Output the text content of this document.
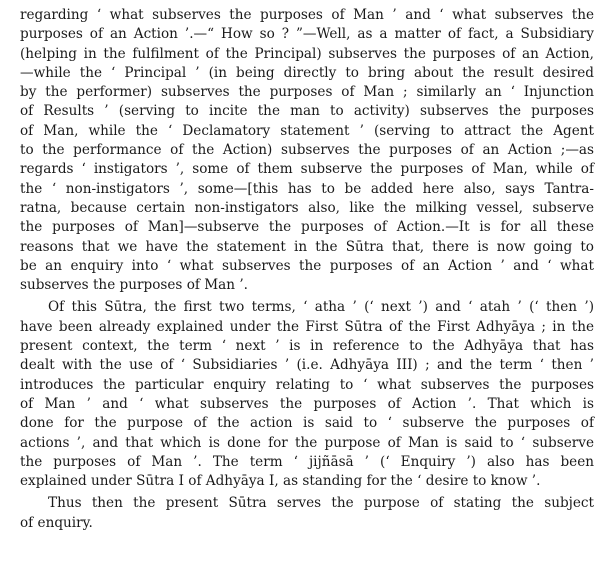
regarding ‘ what subserves the purposes of Man ’ and ‘ what subserves the
purposes of an Action ’.—“ How so ? ”—Well, as a matter of fact, a Subsidiary
(helping in the fulfilment of the Principal) subserves the purposes of an Action,
—while the ‘ Principal ’ (in being directly to bring about the result desired
by the performer) subserves the purposes of Man ; similarly an ‘ Injunction
of Results ’ (serving to incite the man to activity) subserves the purposes
of Man, while the ‘ Declamatory statement ’ (serving to attract the Agent
to the performance of the Action) subserves the purposes of an Action ;—as
regards ‘ instigators ’, some of them subserve the purposes of Man, while of
the ‘ non-instigators ’, some—[this has to be added here also, says Tantra-
ratna, because certain non-instigators also, like the milking vessel, subserve
the purposes of Man]—subserve the purposes of Action.—It is for all these
reasons that we have the statement in the Sūtra that, there is now going to
be an enquiry into ‘ what subserves the purposes of an Action ’ and ‘ what
subserves the purposes of Man ’.
Of this Sūtra, the first two terms, ‘ atha ’ (‘ next ’) and ‘ atah ’ (‘ then ’)
have been already explained under the First Sūtra of the First Adhyāya ; in the
present context, the term ‘ next ’ is in reference to the Adhyāya that has
dealt with the use of ‘ Subsidiaries ’ (i.e. Adhyāya III) ; and the term ‘ then ’
introduces the particular enquiry relating to ‘ what subserves the purposes
of Man ’ and ‘ what subserves the purposes of Action ’. That which is
done for the purpose of the action is said to ‘ subserve the purposes of
actions ’, and that which is done for the purpose of Man is said to ‘ subserve
the purposes of Man ’. The term ‘ jijñāsā ’ (‘ Enquiry ’) also has been
explained under Sūtra I of Adhyāya I, as standing for the ‘ desire to know ’.
Thus then the present Sūtra serves the purpose of stating the subject
of enquiry.
